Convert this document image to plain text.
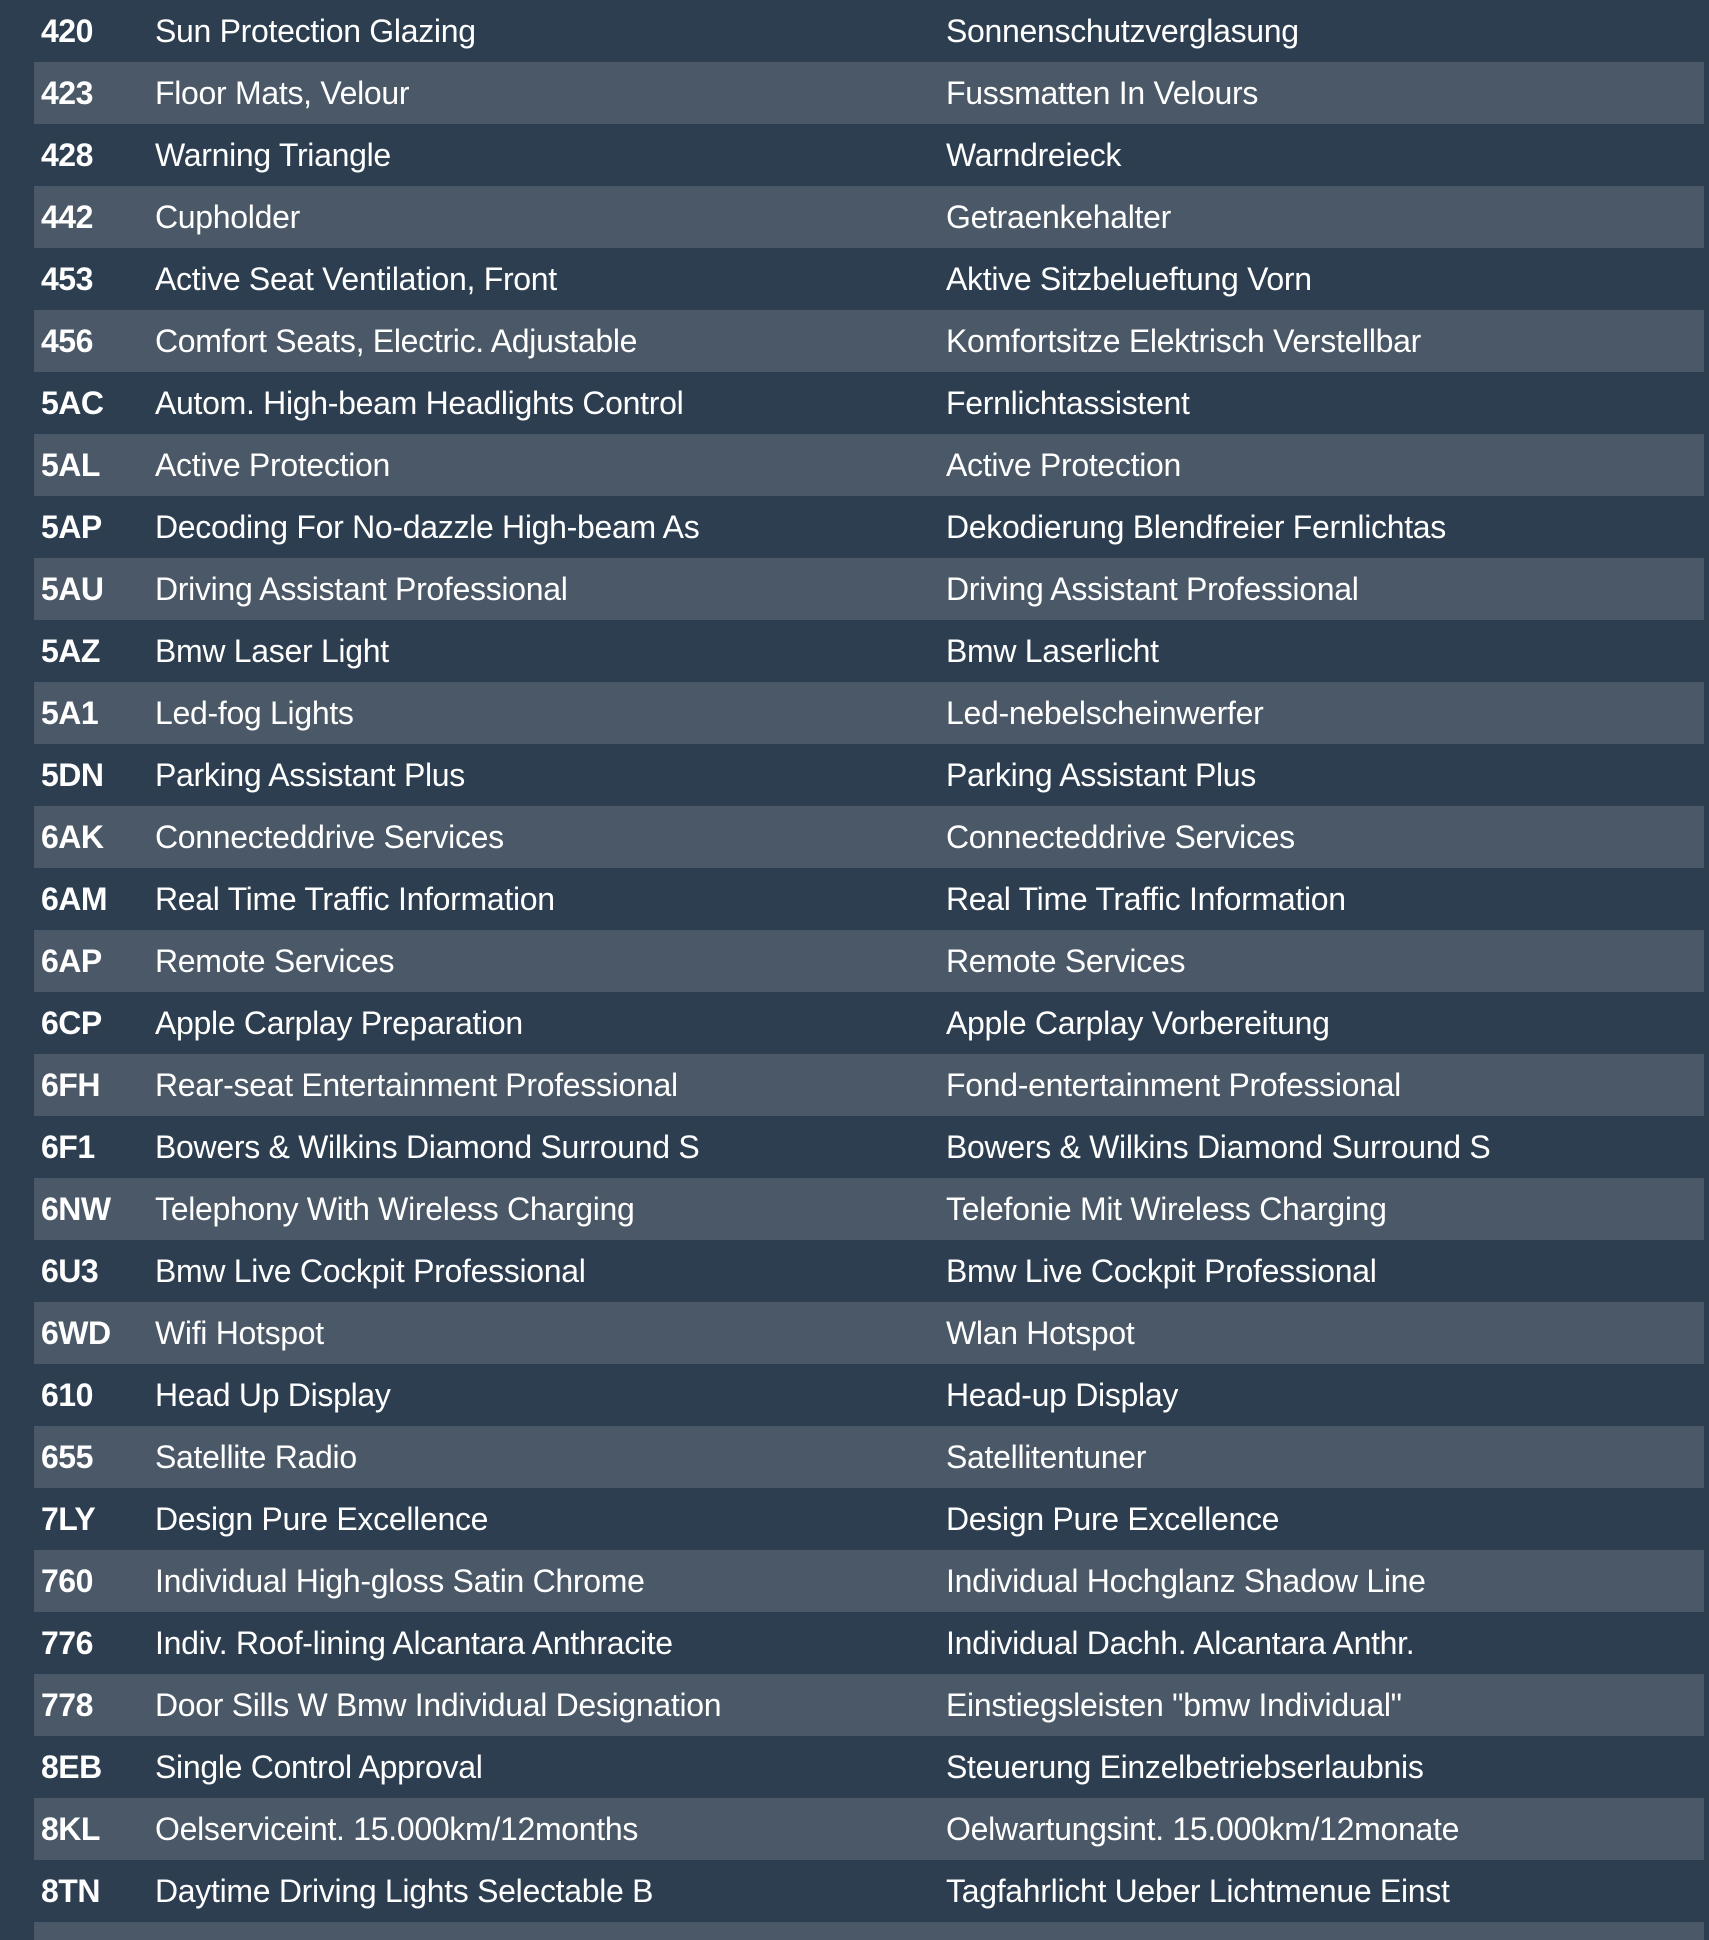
420	Sun Protection Glazing	Sonnenschutzverglasung
423	Floor Mats, Velour	Fussmatten In Velours
428	Warning Triangle	Warndreieck
442	Cupholder	Getraenkehalter
453	Active Seat Ventilation, Front	Aktive Sitzbelueftung Vorn
456	Comfort Seats, Electric. Adjustable	Komfortsitze Elektrisch Verstellbar
5AC	Autom. High-beam Headlights Control	Fernlichtassistent
5AL	Active Protection	Active Protection
5AP	Decoding For No-dazzle High-beam As	Dekodierung Blendfreier Fernlichtas
5AU	Driving Assistant Professional	Driving Assistant Professional
5AZ	Bmw Laser Light	Bmw Laserlicht
5A1	Led-fog Lights	Led-nebelscheinwerfer
5DN	Parking Assistant Plus	Parking Assistant Plus
6AK	Connecteddrive Services	Connecteddrive Services
6AM	Real Time Traffic Information	Real Time Traffic Information
6AP	Remote Services	Remote Services
6CP	Apple Carplay Preparation	Apple Carplay Vorbereitung
6FH	Rear-seat Entertainment Professional	Fond-entertainment Professional
6F1	Bowers & Wilkins Diamond Surround S	Bowers & Wilkins Diamond Surround S
6NW	Telephony With Wireless Charging	Telefonie Mit Wireless Charging
6U3	Bmw Live Cockpit Professional	Bmw Live Cockpit Professional
6WD	Wifi Hotspot	Wlan Hotspot
610	Head Up Display	Head-up Display
655	Satellite Radio	Satellitentuner
7LY	Design Pure Excellence	Design Pure Excellence
760	Individual High-gloss Satin Chrome	Individual Hochglanz Shadow Line
776	Indiv. Roof-lining Alcantara Anthracite	Individual Dachh. Alcantara Anthr.
778	Door Sills W Bmw Individual Designation	Einstiegsleisten "bmw Individual"
8EB	Single Control Approval	Steuerung Einzelbetriebserlaubnis
8KL	Oelserviceint. 15.000km/12months	Oelwartungsint. 15.000km/12monate
8TN	Daytime Driving Lights Selectable B	Tagfahrlicht Ueber Lichtmenue Einst
